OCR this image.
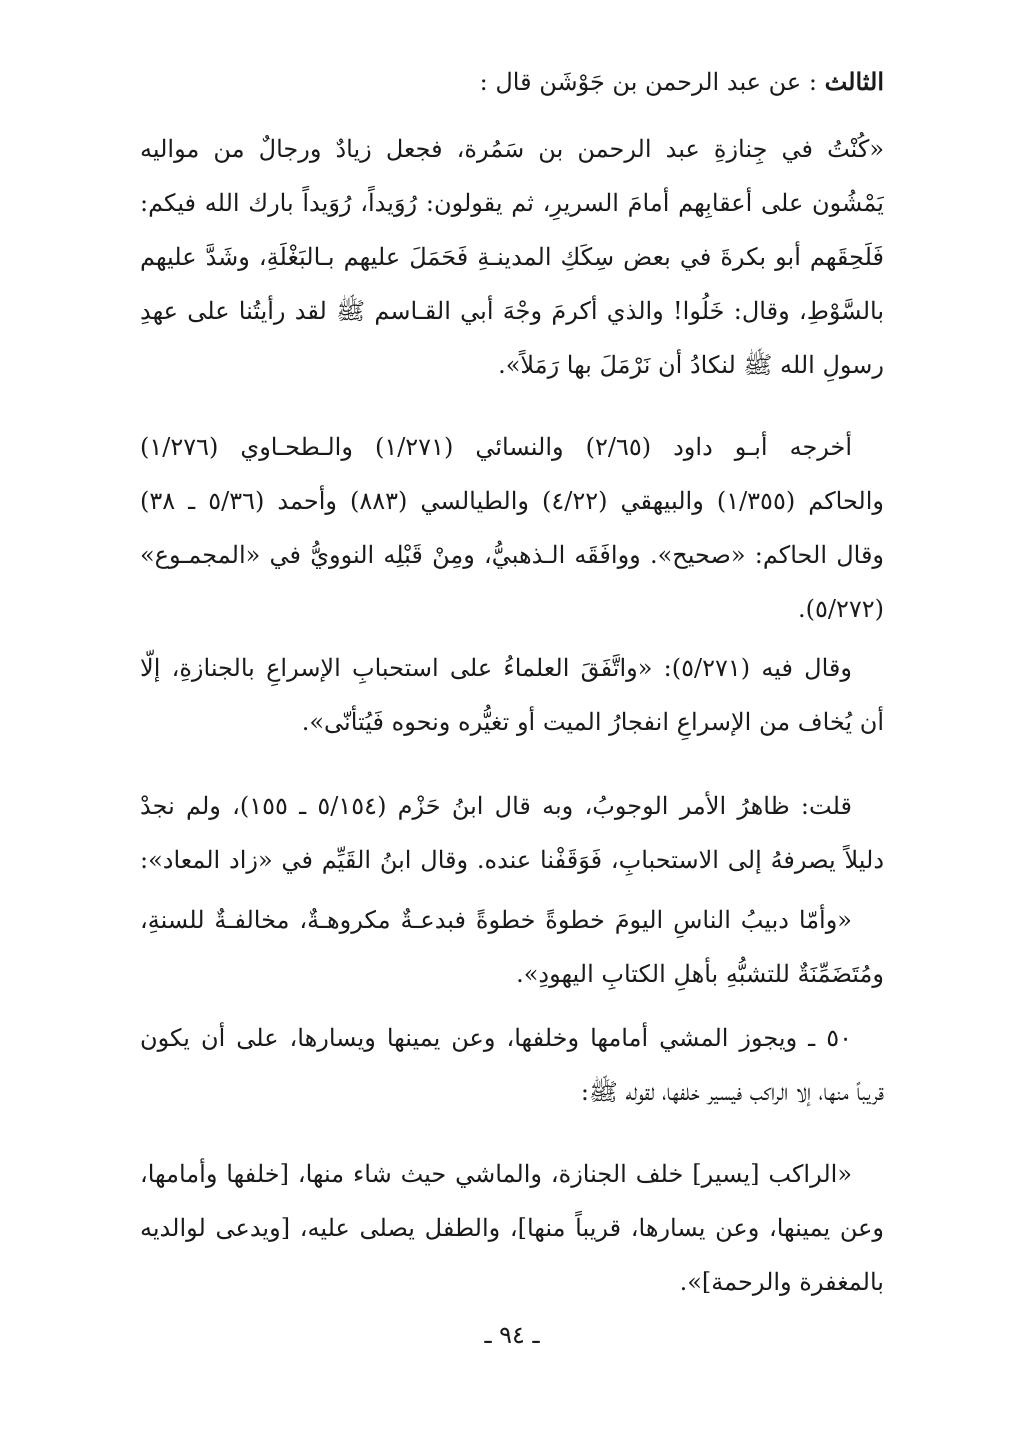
الثالث : عن عبد الرحمن بن جَوْشَن قال :
«كُنْتُ في جِنازةِ عبد الرحمن بن سَمُرة، فجعل زيادٌ ورجالٌ من مواليه
يَمْشُون على أعقابِهم أمامَ السريرِ، ثم يقولون: رُوَيداً، رُوَيداً بارك الله فيكم:
فَلَحِقَهم أبو بكرةَ في بعض سِكَكِ المدينـةِ فَحَمَلَ عليهم بـالبَغْلَةِ، وشَدَّ عليهم
بالسَّوْطِ، وقال: خَلُوا! والذي أكرمَ وجْهَ أبي القـاسم ﷺ لقد رأيتُنا على عهدِ
رسولِ الله ﷺ لنكادُ أن نَرْمَلَ بها رَمَلاً».
أخرجه أبـو داود (٢/٦٥) والنسائي (١/٢٧١) والـطحـاوي (١/٢٧٦)
والحاكم (١/٣٥٥) والبيهقي (٤/٢٢) والطيالسي (٨٨٣) وأحمد (٥/٣٦ ـ ٣٨)
وقال الحاكم: «صحيح». ووافَقَه الـذهبيُّ، ومِنْ قَبْلِه النوويُّ في «المجمـوع»
(٥/٢٧٢).
وقال فيه (٥/٢٧١): «واتَّفَقَ العلماءُ على استحبابِ الإسراعِ بالجنازةِ، إلّا
أن يُخاف من الإسراعِ انفجارُ الميت أو تغيُّره ونحوه فَيُتأنّى».
قلت: ظاهرُ الأمر الوجوبُ، وبه قال ابنُ حَزْم (٥/١٥٤ ـ ١٥٥)، ولم نجدْ
دليلاً يصرفهُ إلى الاستحبابِ، فَوَقَفْنا عنده. وقال ابنُ القَيِّم في «زاد المعاد»:
«وأمّا دبيبُ الناسِ اليومَ خطوةً خطوةً فبدعـةٌ مكروهـةٌ، مخالفـةٌ للسنةِ،
ومُتَضَمِّنَةٌ للتشبُّهِ بأهلِ الكتابِ اليهودِ».
٥٠ ـ ويجوز المشي أمامها وخلفها، وعن يمينها ويسارها، على أن يكون
قريباً منها، إلا الراكب فيسير خلفها، لقوله ﷺ:
«الراكب [يسير] خلف الجنازة، والماشي حيث شاء منها، [خلفها وأمامها،
وعن يمينها، وعن يسارها، قريباً منها]، والطفل يصلى عليه، [ويدعى لوالديه
بالمغفرة والرحمة]».
ـ ٩٤ ـ
